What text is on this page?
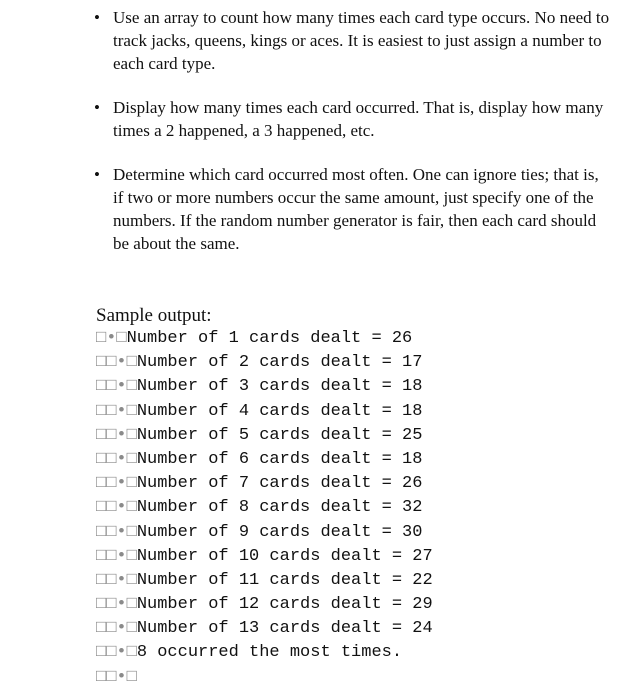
• Use an array to count how many times each card type occurs. No need to track jacks, queens, kings or aces. It is easiest to just assign a number to each card type.
• Display how many times each card occurred. That is, display how many times a 2 happened, a 3 happened, etc.
• Determine which card occurred most often. One can ignore ties; that is, if two or more numbers occur the same amount, just specify one of the numbers. If the random number generator is fair, then each card should be about the same.
Sample output:
□•□Number of 1 cards dealt = 26
□□•□Number of 2 cards dealt = 17
□□•□Number of 3 cards dealt = 18
□□•□Number of 4 cards dealt = 18
□□•□Number of 5 cards dealt = 25
□□•□Number of 6 cards dealt = 18
□□•□Number of 7 cards dealt = 26
□□•□Number of 8 cards dealt = 32
□□•□Number of 9 cards dealt = 30
□□•□Number of 10 cards dealt = 27
□□•□Number of 11 cards dealt = 22
□□•□Number of 12 cards dealt = 29
□□•□Number of 13 cards dealt = 24
□□•□8 occurred the most times.
□□•□
